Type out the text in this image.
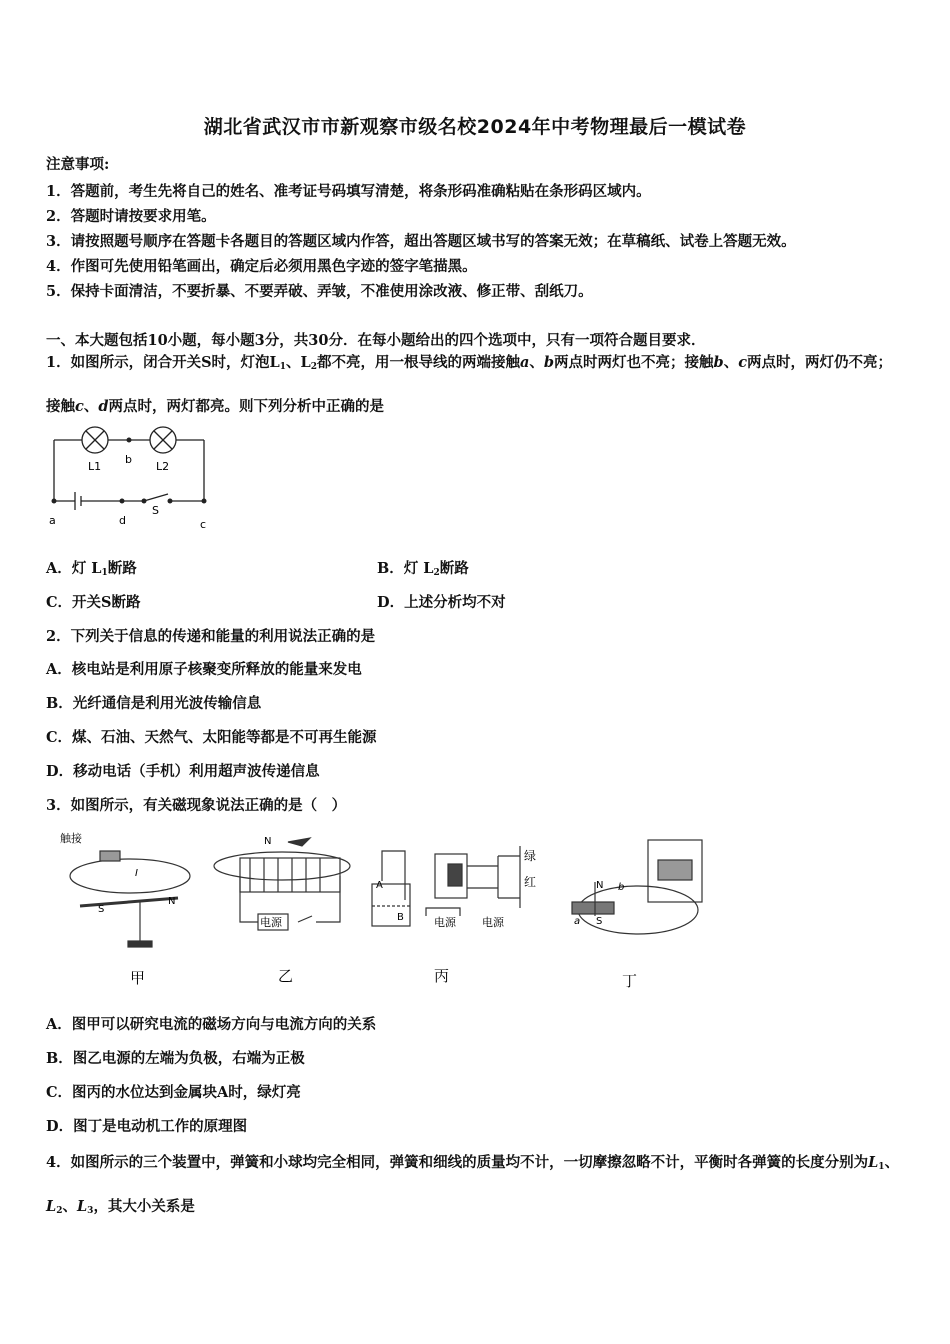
湖北省武汉市市新观察市级名校2024年中考物理最后一模试卷
注意事项:
1．答题前，考生先将自己的姓名、准考证号码填写清楚，将条形码准确粘贴在条形码区域内。
2．答题时请按要求用笔。
3．请按照题号顺序在答题卡各题目的答题区域内作答，超出答题区域书写的答案无效；在草稿纸、试卷上答题无效。
4．作图可先使用铅笔画出，确定后必须用黑色字迹的签字笔描黑。
5．保持卡面清洁，不要折暴、不要弄破、弄皱，不准使用涂改液、修正带、刮纸刀。
一、本大题包括10小题，每小题3分，共30分．在每小题给出的四个选项中，只有一项符合题目要求．
1．如图所示，闭合开关S时，灯泡$L_1$、$L_2$都不亮，用一根导线的两端接触a、b两点时两灯也不亮；接触b、c两点时，两灯仍不亮；接触c、d两点时，两灯都亮。则下列分析中正确的是
L1	L2
b
S
a	d	c
A．灯 $L_1$断路	B．灯 $L_2$断路
C．开关S断路	D．上述分析均不对
2．下列关于信息的传递和能量的利用说法正确的是
A．核电站是利用原子核聚变所释放的能量来发电
B．光纤通信是利用光波传输信息
C．煤、石油、天然气、太阳能等都是不可再生能源
D．移动电话（手机）利用超声波传递信息
3．如图所示，有关磁现象说法正确的是（　）
触接
I
S
N
N
电源
A
B	电源 电源
绿
红	N b
a S
甲	乙	丙	丁
A．图甲可以研究电流的磁场方向与电流方向的关系
B．图乙电源的左端为负极，右端为正极
C．图丙的水位达到金属块A时，绿灯亮
D．图丁是电动机工作的原理图
4．如图所示的三个装置中，弹簧和小球均完全相同，弹簧和细线的质量均不计，一切摩擦忽略不计，平衡时各弹簧的长度分别为$L_1$、$L_2$、$L_3$，其大小关系是
